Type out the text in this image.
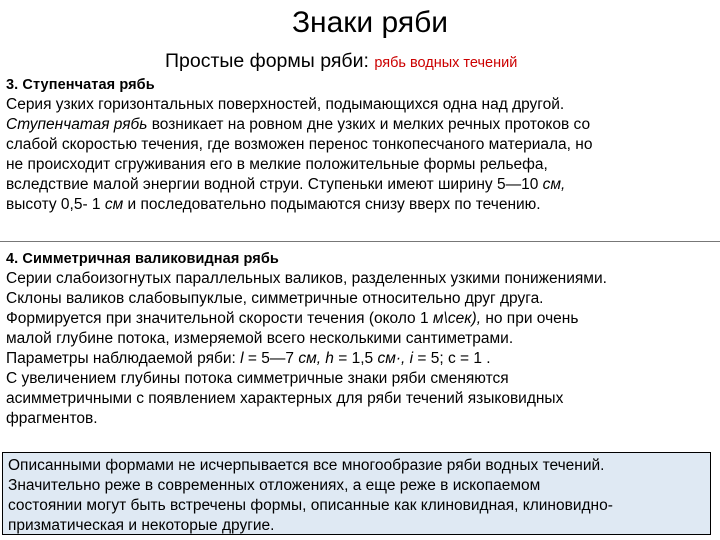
Знаки ряби
Простые формы ряби: рябь водных течений
3. Ступенчатая рябь
Серия узких горизонтальных поверхностей, подымающихся одна над другой.
Ступенчатая рябь возникает на ровном дне узких и мелких речных протоков со
слабой скоростью течения, где возможен перенос тонкопесчаного материала, но
не происходит сгруживания его в мелкие положительные формы рельефа,
вследствие малой энергии водной струи. Ступеньки имеют ширину 5—10 см,
высоту 0,5- 1 см и последовательно подымаются снизу вверх по течению.
4. Симметричная валиковидная рябь
Серии слабоизогнутых параллельных валиков, разделенных узкими понижениями.
Склоны валиков слабовыпуклые, симметричные относительно друг друга.
Формируется при значительной скорости течения (около 1 м\сек), но при очень
малой глубине потока, измеряемой всего несколькими сантиметрами.
Параметры наблюдаемой ряби: l = 5—7 см, h = 1,5 см·, i = 5; с = 1 .
С увеличением глубины потока симметричные знаки ряби сменяются
асимметричными с появлением характерных для ряби течений языковидных
фрагментов.
Описанными формами не исчерпывается все многообразие ряби водных течений.
Значительно реже в современных отложениях, а еще реже в ископаемом
состоянии могут быть встречены формы, описанные как клиновидная, клиновидно-
призматическая и некоторые другие.
